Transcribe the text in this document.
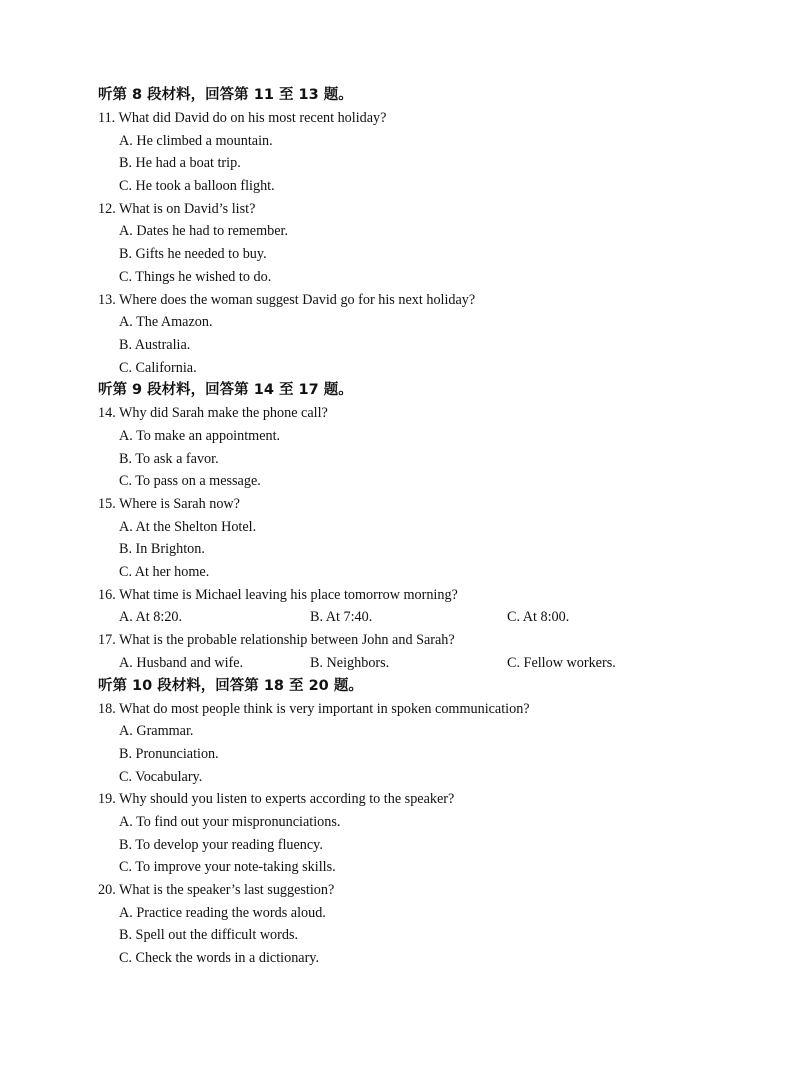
听第 8 段材料，回答第 11 至 13 题。
11. What did David do on his most recent holiday?
A. He climbed a mountain.
B. He had a boat trip.
C. He took a balloon flight.
12. What is on David’s list?
A. Dates he had to remember.
B. Gifts he needed to buy.
C. Things he wished to do.
13. Where does the woman suggest David go for his next holiday?
A. The Amazon.
B. Australia.
C. California.
听第 9 段材料，回答第 14 至 17 题。
14. Why did Sarah make the phone call?
A. To make an appointment.
B. To ask a favor.
C. To pass on a message.
15. Where is Sarah now?
A. At the Shelton Hotel.
B. In Brighton.
C. At her home.
16. What time is Michael leaving his place tomorrow morning?
A. At 8:20.	B. At 7:40.	C. At 8:00.
17. What is the probable relationship between John and Sarah?
A. Husband and wife.	B. Neighbors.	C. Fellow workers.
听第 10 段材料，回答第 18 至 20 题。
18. What do most people think is very important in spoken communication?
A. Grammar.
B. Pronunciation.
C. Vocabulary.
19. Why should you listen to experts according to the speaker?
A. To find out your mispronunciations.
B. To develop your reading fluency.
C. To improve your note-taking skills.
20. What is the speaker’s last suggestion?
A. Practice reading the words aloud.
B. Spell out the difficult words.
C. Check the words in a dictionary.
